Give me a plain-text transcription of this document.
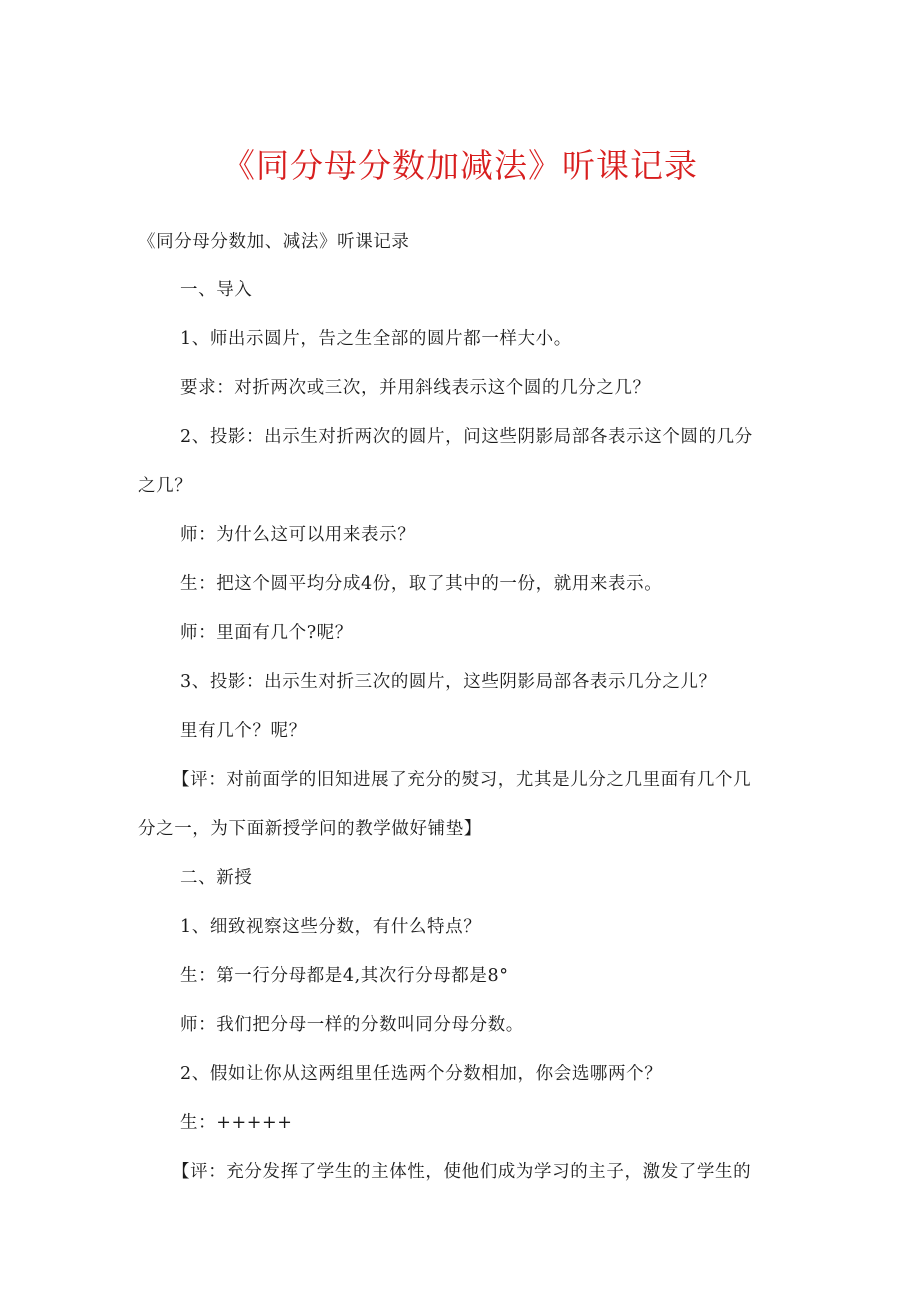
《同分母分数加减法》听课记录
《同分母分数加、减法》听课记录
一、导入
1、师出示圆片，告之生全部的圆片都一样大小。
要求：对折两次或三次，并用斜线表示这个圆的几分之几？
2、投影：出示生对折两次的圆片，问这些阴影局部各表示这个圆的几分
之几？
师：为什么这可以用来表示？
生：把这个圆平均分成4份，取了其中的一份，就用来表示。
师：里面有几个?呢？
3、投影：出示生对折三次的圆片，这些阴影局部各表示几分之儿？
里有几个？呢？
【评：对前面学的旧知进展了充分的熨习，尤其是儿分之几里面有几个几
分之一，为下面新授学问的教学做好铺垫】
二、新授
1、细致视察这些分数，有什么特点？
生：第一行分母都是4,其次行分母都是8°
师：我们把分母一样的分数叫同分母分数。
2、假如让你从这两组里任选两个分数相加，你会选哪两个？
生：+++++
【评：充分发挥了学生的主体性，使他们成为学习的主子，激发了学生的
